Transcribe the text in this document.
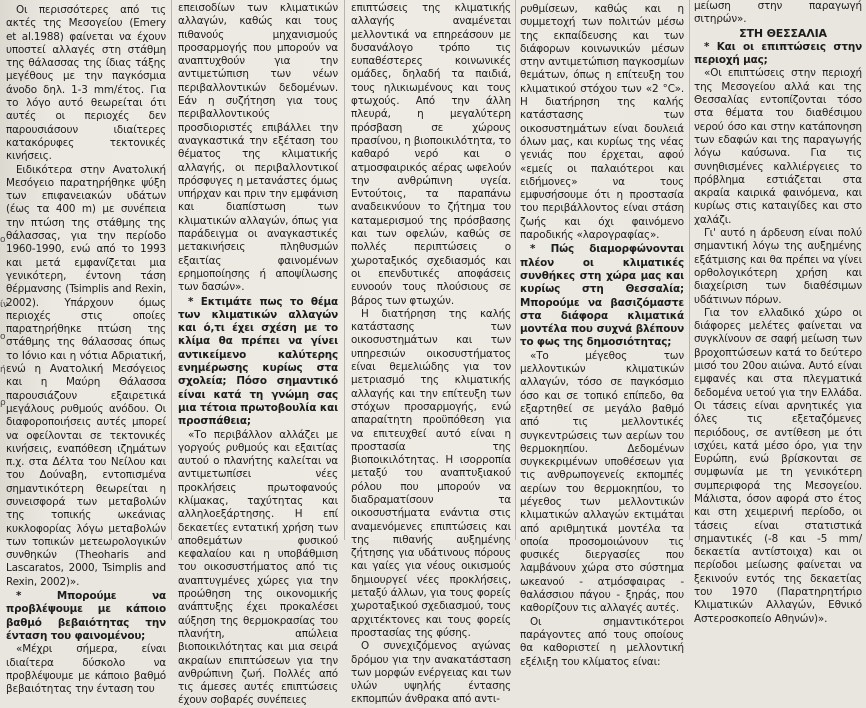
ο
ίν
ο
ή
ρ

Οι περισσότερες από τις ακτές της Μεσογείου (Emery et al.1988) φαίνεται να έχουν υποστεί αλλαγές στη στάθμη της θάλασσας της ίδιας τάξης μεγέθους με την παγκόσμια άνοδο δηλ. 1-3 mm/έτος. Για το λόγο αυτό θεωρείται ότι αυτές οι περιοχές δεν παρουσιάσουν ιδιαίτερες κατακόρυφες τεκτονικές κινήσεις.

Ειδικότερα στην Ανατολική Μεσόγειο παρατηρήθηκε ψύξη των επιφανειακών υδάτων (έως τα 400 m) με συνέπεια την πτώση της στάθμης της θάλασσας, για την περίοδο 1960-1990, ενώ από το 1993 και μετά εμφανίζεται μια γενικότερη, έντονη τάση θέρμανσης (Tsimplis and Rexin, 2002). Υπάρχουν όμως περιοχές στις οποίες παρατηρήθηκε πτώση της στάθμης της θάλασσας όπως το Ιόνιο και η νότια Αδριατική, ενώ η Ανατολική Μεσόγειος και η Μαύρη Θάλασσα παρουσιάζουν εξαιρετικά μεγάλους ρυθμούς ανόδου. Οι διαφοροποιήσεις αυτές μπορεί να οφείλονται σε τεκτονικές κινήσεις, εναπόθεση ιζημάτων π.χ. στα Δέλτα του Νείλου και του Δούναβη, εντοπισμένα σημαντικότερη θεωρείται η συνεισφορά των μεταβολών της τοπικής ωκεάνιας κυκλοφορίας λόγω μεταβολών των τοπικών μετεωρολογικών συνθηκών (Theoharis and Lascaratos, 2000, Tsimplis and Rexin, 2002)».

* Μπορούμε να προβλέψουμε με κάποιο βαθμό βεβαιότητας την ένταση του φαινομένου;

«Μέχρι σήμερα, είναι ιδιαίτερα δύσκολο να προβλέψουμε με κάποιο βαθμό βεβαιότητας την ένταση του

επεισοδίων των κλιματικών αλλαγών, καθώς και τους πιθανούς μηχανισμούς προσαρμογής που μπορούν να αναπτυχθούν για την αντιμετώπιση των νέων περιβαλλοντικών δεδομένων. Εάν η συζήτηση για τους περιβαλλοντικούς προσδιοριστές επιβάλλει την αναγκαστικά την εξέταση του θέματος της κλιματικής αλλαγής, οι περιβαλλοντικοί πρόσφυγες η μετανάστες όμως υπήρχαν και πριν την εμφάνιση και διαπίστωση των κλιματικών αλλαγών, όπως για παράδειγμα οι αναγκαστικές μετακινήσεις πληθυσμών εξαιτίας φαινομένων ερημοποίησης ή αποψίλωσης των δασών».

* Εκτιμάτε πως το θέμα των κλιματικών αλλαγών και ό,τι έχει σχέση με το κλίμα θα πρέπει να γίνει αντικείμενο καλύτερης ενημέρωσης κυρίως στα σχολεία; Πόσο σημαντικό είναι κατά τη γνώμη σας μια τέτοια πρωτοβουλία και προσπάθεια;

«Το περιβάλλον αλλάζει με γοργούς ρυθμούς και εξαιτίας αυτού ο πλανήτης καλείται να αντιμετωπίσει νέες προκλήσεις πρωτοφανούς κλίμακας, ταχύτητας και αλληλοεξάρτησης. Η επί δεκαετίες εντατική χρήση των αποθεμάτων φυσικού κεφαλαίου και η υποβάθμιση του οικοσυστήματος από τις αναπτυγμένες χώρες για την προώθηση της οικονομικής ανάπτυξης έχει προκαλέσει αύξηση της θερμοκρασίας του πλανήτη, απώλεια βιοποικιλότητας και μια σειρά ακραίων επιπτώσεων για την ανθρώπινη ζωή. Πολλές από τις άμεσες αυτές επιπτώσεις έχουν σοβαρές συνέπειες

επιπτώσεις της κλιματικής αλλαγής αναμένεται μελλοντικά να επηρεάσουν με δυσανάλογο τρόπο τις ευπαθέστερες κοινωνικές ομάδες, δηλαδή τα παιδιά, τους ηλικιωμένους και τους φτωχούς. Από την άλλη πλευρά, η μεγαλύτερη πρόσβαση σε χώρους πρασίνου, η βιοποικιλότητα, το καθαρό νερό και ο ατμοσφαιρικός αέρας ωφελούν την ανθρώπινη υγεία. Εντούτοις, τα παραπάνω αναδεικνύουν το ζήτημα του καταμερισμού της πρόσβασης και των οφελών, καθώς σε πολλές περιπτώσεις ο χωροταξικός σχεδιασμός και οι επενδυτικές αποφάσεις ευνοούν τους πλούσιους σε βάρος των φτωχών.

Η διατήρηση της καλής κατάστασης των οικοσυστημάτων και των υπηρεσιών οικοσυστήματος είναι θεμελιώδης για τον μετριασμό της κλιματικής αλλαγής και την επίτευξη των στόχων προσαρμογής, ενώ απαραίτητη προϋπόθεση για να επιτευχθεί αυτό είναι η προστασία της βιοποικιλότητας. Η ισορροπία μεταξύ του αναπτυξιακού ρόλου που μπορούν να διαδραματίσουν τα οικοσυστήματα ενάντια στις αναμενόμενες επιπτώσεις και της πιθανής αυξημένης ζήτησης για υδάτινους πόρους και γαίες για νέους οικισμούς δημιουργεί νέες προκλήσεις, μεταξύ άλλων, για τους φορείς χωροταξικού σχεδιασμού, τους αρχιτέκτονες και τους φορείς προστασίας της φύσης.

Ο συνεχιζόμενος αγώνας δρόμου για την ανακατάσταση των μορφών ενέργειας και των υλών υψηλής έντασης εκπομπών άνθρακα από αντι-

ρυθμίσεων, καθώς και η συμμετοχή των πολιτών μέσω της εκπαίδευσης και των διάφορων κοινωνικών μέσων στην αντιμετώπιση παγκοσμίων θεμάτων, όπως η επίτευξη του κλιματικού στόχου των «2 °C». Η διατήρηση της καλής κατάστασης των οικοσυστημάτων είναι δουλειά όλων μας, και κυρίως της νέας γενιάς που έρχεται, αφού «εμείς οι παλαιότεροι και ειδήμονες» να τους εμφυσήσουμε ότι η προστασία του περιβάλλοντος είναι στάση ζωής και όχι φαινόμενο παροδικής «λαρογραφίας».

* Πώς διαμορφώνονται πλέον οι κλιματικές συνθήκες στη χώρα μας και κυρίως στη Θεσσαλία; Μπορούμε να βασιζόμαστε στα διάφορα κλιματικά μοντέλα που συχνά βλέπουν το φως της δημοσιότητας;

«Το μέγεθος των μελλοντικών κλιματικών αλλαγών, τόσο σε παγκόσμιο όσο και σε τοπικό επίπεδο, θα εξαρτηθεί σε μεγάλο βαθμό από τις μελλοντικές συγκεντρώσεις των αερίων του θερμοκηπίου. Δεδομένων συγκεκριμένων υποθέσεων για τις ανθρωπογενείς εκπομπές αερίων του θερμοκηπίου, το μέγεθος των μελλοντικών κλιματικών αλλαγών εκτιμάται από αριθμητικά μοντέλα τα οποία προσομοιώνουν τις φυσικές διεργασίες που λαμβάνουν χώρα στο σύστημα ωκεανού - ατμόσφαιρας - θαλάσσιου πάγου - ξηράς, που καθορίζουν τις αλλαγές αυτές.

Οι σημαντικότεροι παράγοντες από τους οποίους θα καθοριστεί η μελλοντική εξέλιξη του κλίματος είναι:

μείωση στην παραγωγή σιτηρών».

ΣΤΗ ΘΕΣΣΑΛΙΑ

* Και οι επιπτώσεις στην περιοχή μας;

«Οι επιπτώσεις στην περιοχή της Μεσογείου αλλά και της Θεσσαλίας εντοπίζονται τόσο στα θέματα του διαθέσιμου νερού όσο και στην κατάπονηση των εδαφών και της παραγωγής λόγω καύσωνα. Για τις συνηθισμένες καλλιέργειες το πρόβλημα εστιάζεται στα ακραία καιρικά φαινόμενα, και κυρίως στις καταιγίδες και στο χαλάζι.

Γι' αυτό η άρδευση είναι πολύ σημαντική λόγω της αυξημένης εξάτμισης και θα πρέπει να γίνει ορθολογικότερη χρήση και διαχείριση των διαθέσιμων υδάτινων πόρων.

Για τον ελλαδικό χώρο οι διάφορες μελέτες φαίνεται να συγκλίνουν σε σαφή μείωση των βροχοπτώσεων κατά το δεύτερο μισό του 20ου αιώνα. Αυτό είναι εμφανές και στα πλεγματικά δεδομένα υετού για την Ελλάδα. Οι τάσεις είναι αρνητικές για όλες τις εξεταζόμενες περιόδους, σε αντίθεση με ότι ισχύει, κατά μέσο όρο, για την Ευρώπη, ενώ βρίσκονται σε συμφωνία με τη γενικότερη συμπεριφορά της Μεσογείου. Μάλιστα, όσον αφορά στο έτος και στη χειμερινή περίοδο, οι τάσεις είναι στατιστικά σημαντικές (-8 και -5 mm/δεκαετία αντίστοιχα) και οι περίοδοι μείωσης φαίνεται να ξεκινούν εντός της δεκαετίας του 1970 (Παρατηρητήριο Κλιματικών Αλλαγών, Εθνικό Αστεροσκοπείο Αθηνών)».
